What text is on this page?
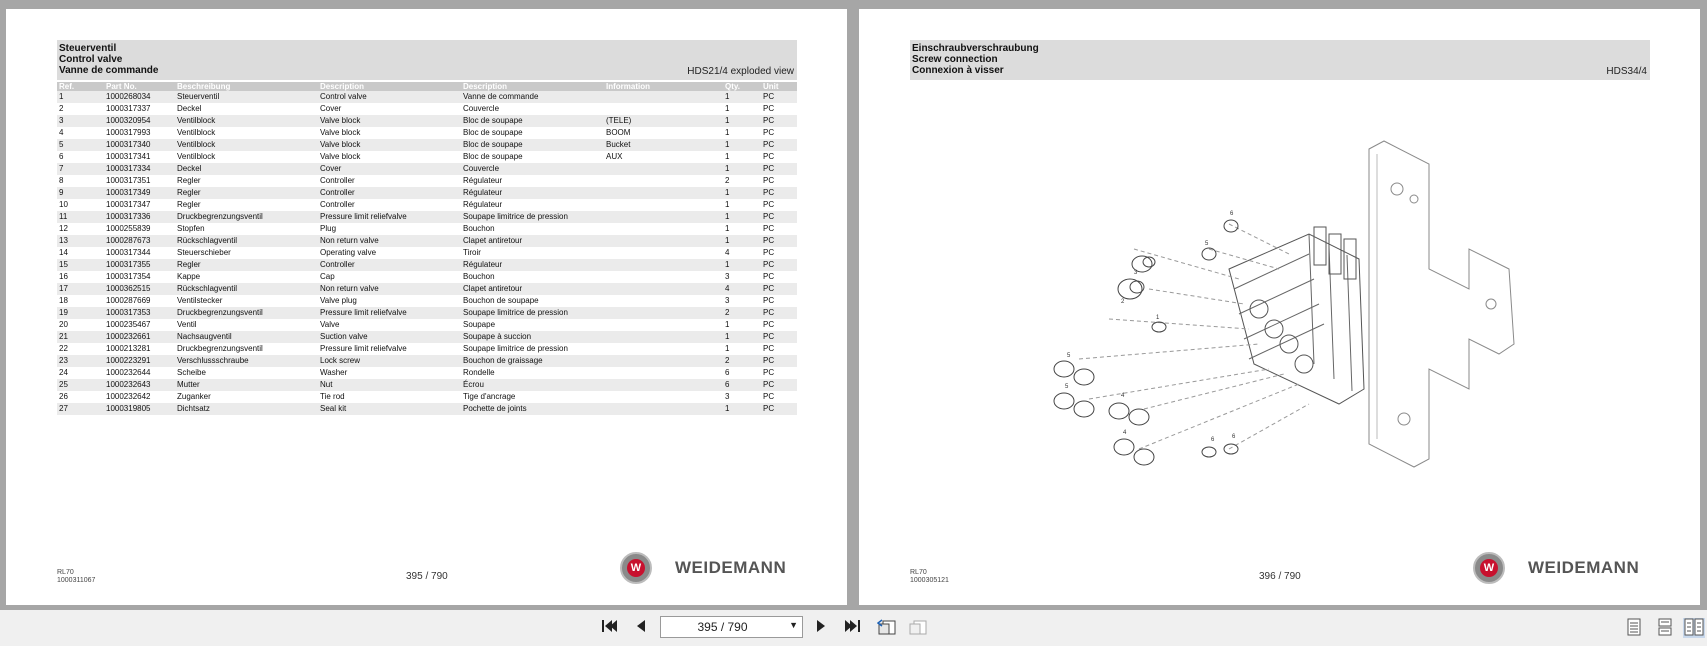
Steuerventil
Control valve
Vanne de commande	HDS21/4 exploded view
Ref.	Part No.	Beschreibung	Description	Description	Information	Qty.	Unit
1	1000268034	Steuerventil	Control valve	Vanne de commande		1	PC
2	1000317337	Deckel	Cover	Couvercle		1	PC
3	1000320954	Ventilblock	Valve block	Bloc de soupape	(TELE)	1	PC
4	1000317993	Ventilblock	Valve block	Bloc de soupape	BOOM	1	PC
5	1000317340	Ventilblock	Valve block	Bloc de soupape	Bucket	1	PC
6	1000317341	Ventilblock	Valve block	Bloc de soupape	AUX	1	PC
7	1000317334	Deckel	Cover	Couvercle		1	PC
8	1000317351	Regler	Controller	Régulateur		2	PC
9	1000317349	Regler	Controller	Régulateur		1	PC
10	1000317347	Regler	Controller	Régulateur		1	PC
11	1000317336	Druckbegrenzungsventil	Pressure limit reliefvalve	Soupape limitrice de pression		1	PC
12	1000255839	Stopfen	Plug	Bouchon		1	PC
13	1000287673	Rückschlagventil	Non return valve	Clapet antiretour		1	PC
14	1000317344	Steuerschieber	Operating valve	Tiroir		4	PC
15	1000317355	Regler	Controller	Régulateur		1	PC
16	1000317354	Kappe	Cap	Bouchon		3	PC
17	1000362515	Rückschlagventil	Non return valve	Clapet antiretour		4	PC
18	1000287669	Ventilstecker	Valve plug	Bouchon de soupape		3	PC
19	1000317353	Druckbegrenzungsventil	Pressure limit reliefvalve	Soupape limitrice de pression		2	PC
20	1000235467	Ventil	Valve	Soupape		1	PC
21	1000232661	Nachsaugventil	Suction valve	Soupape à succion		1	PC
22	1000213281	Druckbegrenzungsventil	Pressure limit reliefvalve	Soupape limitrice de pression		1	PC
23	1000223291	Verschlussschraube	Lock screw	Bouchon de graissage		2	PC
24	1000232644	Scheibe	Washer	Rondelle		6	PC
25	1000232643	Mutter	Nut	Écrou		6	PC
26	1000232642	Zuganker	Tie rod	Tige d'ancrage		3	PC
27	1000319805	Dichtsatz	Seal kit	Pochette de joints		1	PC
RL70
1000311067	395 / 790
W WEIDEMANN
Einschraubverschraubung
Screw connection
Connexion à visser	HDS34/4
6
5
3
2
1
5
5
4
4
6	6
RL70
1000305121	396 / 790
W WEIDEMANN
395 / 790	▼
